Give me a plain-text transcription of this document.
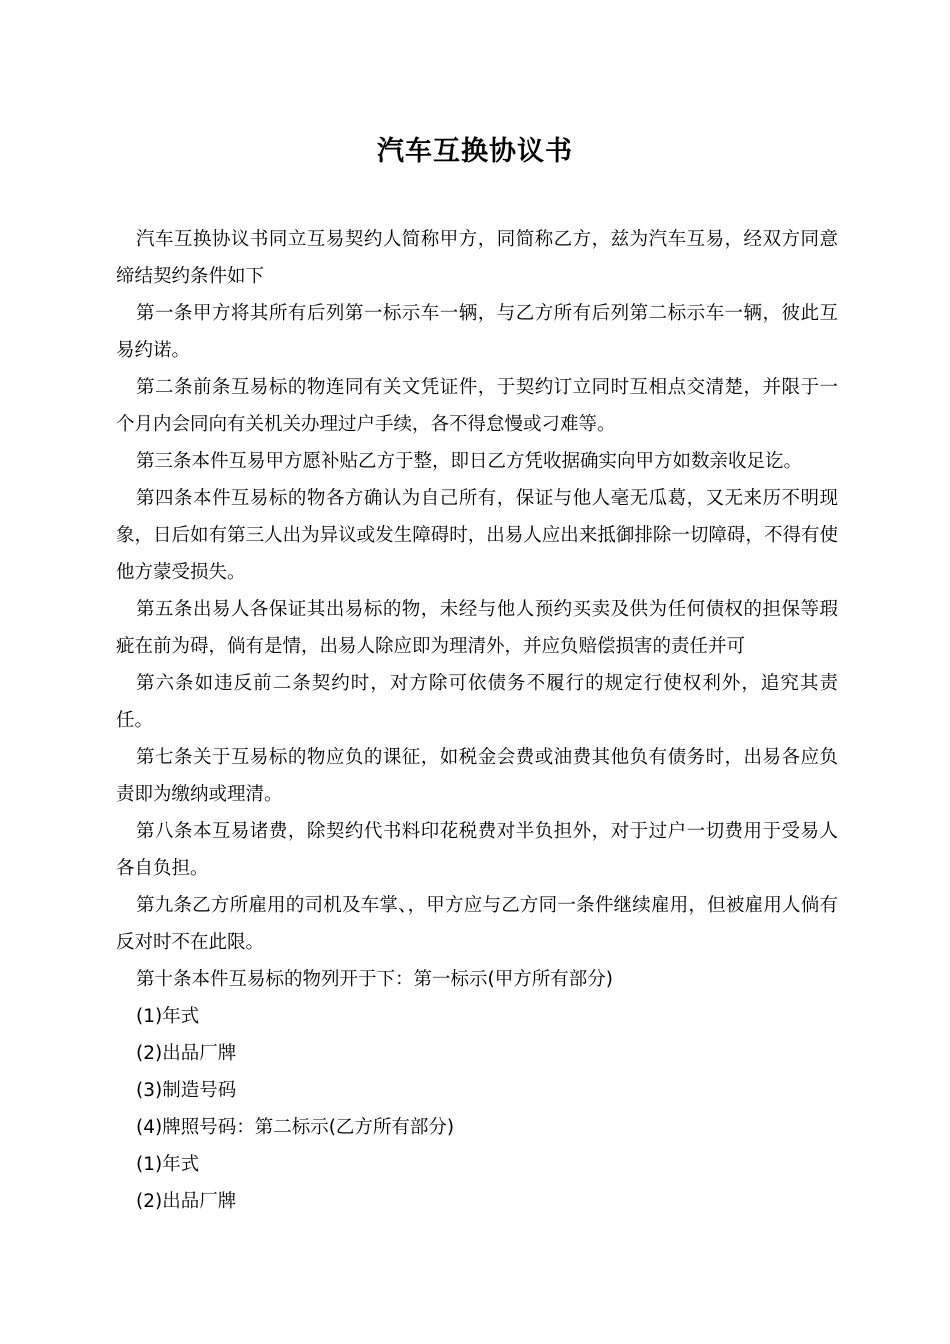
汽车互换协议书

汽车互换协议书同立互易契约人简称甲方，同简称乙方，兹为汽车互易，经双方同意缔结契约条件如下

第一条甲方将其所有后列第一标示车一辆，与乙方所有后列第二标示车一辆，彼此互易约诺。

第二条前条互易标的物连同有关文凭证件，于契约订立同时互相点交清楚，并限于一个月内会同向有关机关办理过户手续，各不得怠慢或刁难等。

第三条本件互易甲方愿补贴乙方于整，即日乙方凭收据确实向甲方如数亲收足讫。

第四条本件互易标的物各方确认为自己所有，保证与他人毫无瓜葛，又无来历不明现象，日后如有第三人出为异议或发生障碍时，出易人应出来抵御排除一切障碍，不得有使他方蒙受损失。

第五条出易人各保证其出易标的物，未经与他人预约买卖及供为任何债权的担保等瑕疵在前为碍，倘有是情，出易人除应即为理清外，并应负赔偿损害的责任并可

第六条如违反前二条契约时，对方除可依债务不履行的规定行使权利外，追究其责任。

第七条关于互易标的物应负的课征，如税金会费或油费其他负有债务时，出易各应负责即为缴纳或理清。

第八条本互易诸费，除契约代书料印花税费对半负担外，对于过户一切费用于受易人各自负担。

第九条乙方所雇用的司机及车掌、，甲方应与乙方同一条件继续雇用，但被雇用人倘有反对时不在此限。

第十条本件互易标的物列开于下：第一标示(甲方所有部分)

(1)年式

(2)出品厂牌

(3)制造号码

(4)牌照号码：第二标示(乙方所有部分)

(1)年式

(2)出品厂牌
